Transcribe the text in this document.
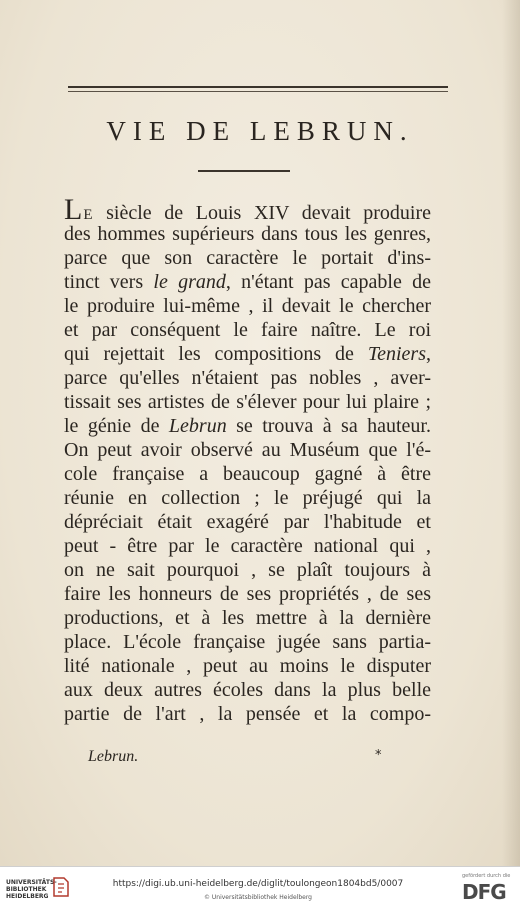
VIE DE LEBRUN.
LE siècle de Louis XIV devait produire
des hommes supérieurs dans tous les genres,
parce que son caractère le portait d'ins-
tinct vers le grand, n'étant pas capable de
le produire lui-même , il devait le chercher
et par conséquent le faire naître. Le roi
qui rejettait les compositions de Teniers,
parce qu'elles n'étaient pas nobles , aver-
tissait ses artistes de s'élever pour lui plaire ;
le génie de Lebrun se trouva à sa hauteur.
On peut avoir observé au Muséum que l'é-
cole française a beaucoup gagné à être
réunie en collection ; le préjugé qui la
dépréciait était exagéré par l'habitude et
peut - être par le caractère national qui ,
on ne sait pourquoi , se plaît toujours à
faire les honneurs de ses propriétés , de ses
productions, et à les mettre à la dernière
place. L'école française jugée sans partia-
lité nationale , peut au moins le disputer
aux deux autres écoles dans la plus belle
partie de l'art , la pensée et la compo-
Lebrun.	*
UNIVERSITÄTS-
BIBLIOTHEK
HEIDELBERG
https://digi.ub.uni-heidelberg.de/diglit/toulongeon1804bd5/0007
© Universitätsbibliothek Heidelberg
gefördert durch die
DFG
